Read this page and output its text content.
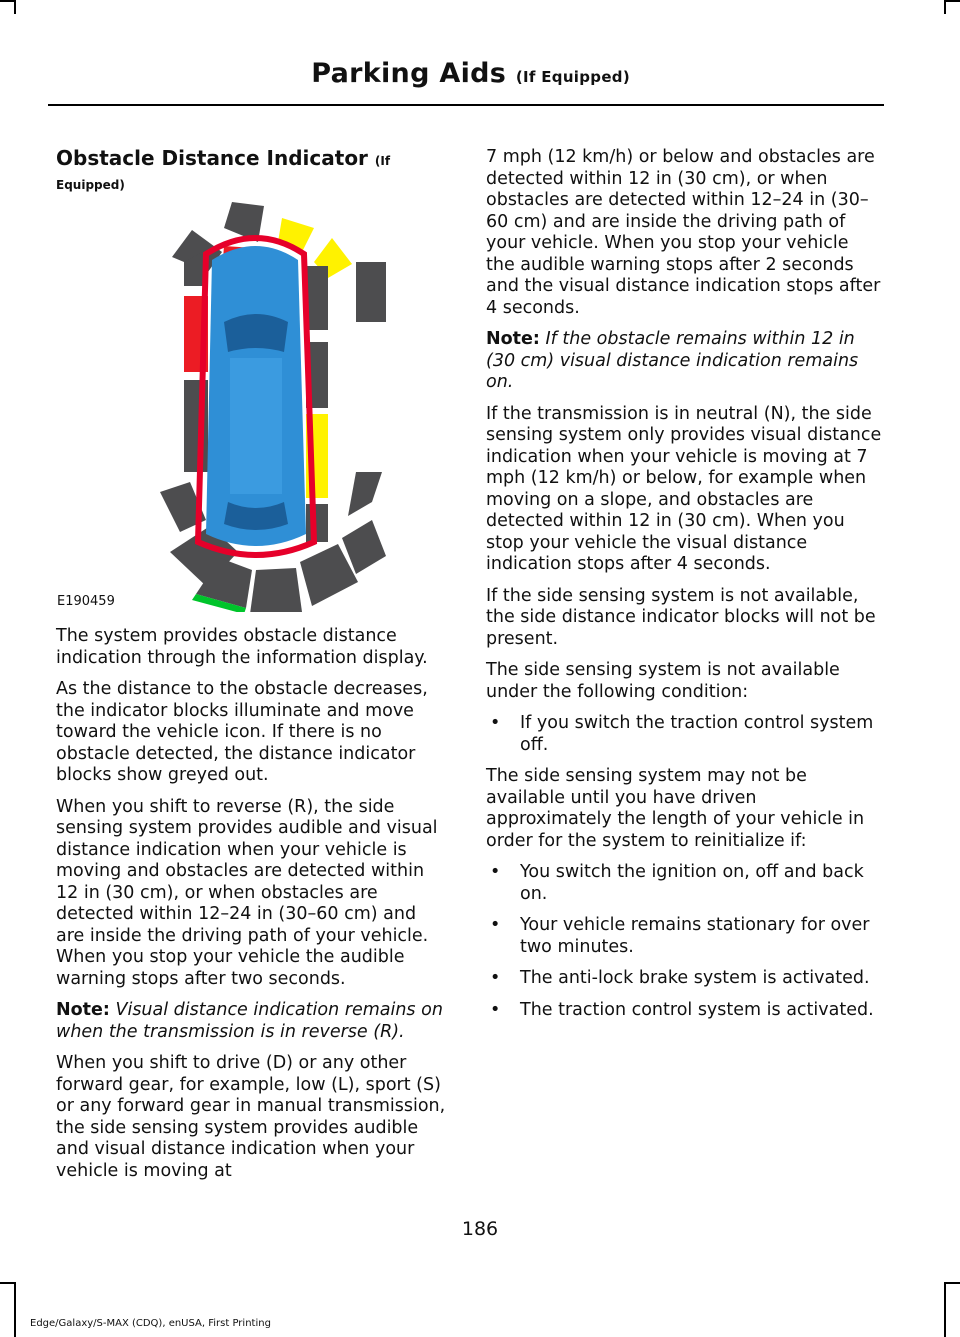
Parking Aids (If Equipped)
Obstacle Distance Indicator (If
Equipped)
E190459

The system provides obstacle distance indication through the information display.

As the distance to the obstacle decreases, the indicator blocks illuminate and move toward the vehicle icon. If there is no obstacle detected, the distance indicator blocks show greyed out.

When you shift to reverse (R), the side sensing system provides audible and visual distance indication when your vehicle is moving and obstacles are detected within 12 in (30 cm), or when obstacles are detected within 12–24 in (30–60 cm) and are inside the driving path of your vehicle. When you stop your vehicle the audible warning stops after two seconds.

Note: Visual distance indication remains on when the transmission is in reverse (R).

When you shift to drive (D) or any other forward gear, for example, low (L), sport (S) or any forward gear in manual transmission, the side sensing system provides audible and visual distance indication when your vehicle is moving at

7 mph (12 km/h) or below and obstacles are detected within 12 in (30 cm), or when obstacles are detected within 12–24 in (30–60 cm) and are inside the driving path of your vehicle. When you stop your vehicle the audible warning stops after 2 seconds and the visual distance indication stops after 4 seconds.

Note: If the obstacle remains within 12 in (30 cm) visual distance indication remains on.

If the transmission is in neutral (N), the side sensing system only provides visual distance indication when your vehicle is moving at 7 mph (12 km/h) or below, for example when moving on a slope, and obstacles are detected within 12 in (30 cm). When you stop your vehicle the visual distance indication stops after 4 seconds.

If the side sensing system is not available, the side distance indicator blocks will not be present.

The side sensing system is not available under the following condition:

• If you switch the traction control system off.

The side sensing system may not be available until you have driven approximately the length of your vehicle in order for the system to reinitialize if:

• You switch the ignition on, off and back on.
• Your vehicle remains stationary for over two minutes.
• The anti-lock brake system is activated.
• The traction control system is activated.
186
Edge/Galaxy/S-MAX (CDQ), enUSA, First Printing
